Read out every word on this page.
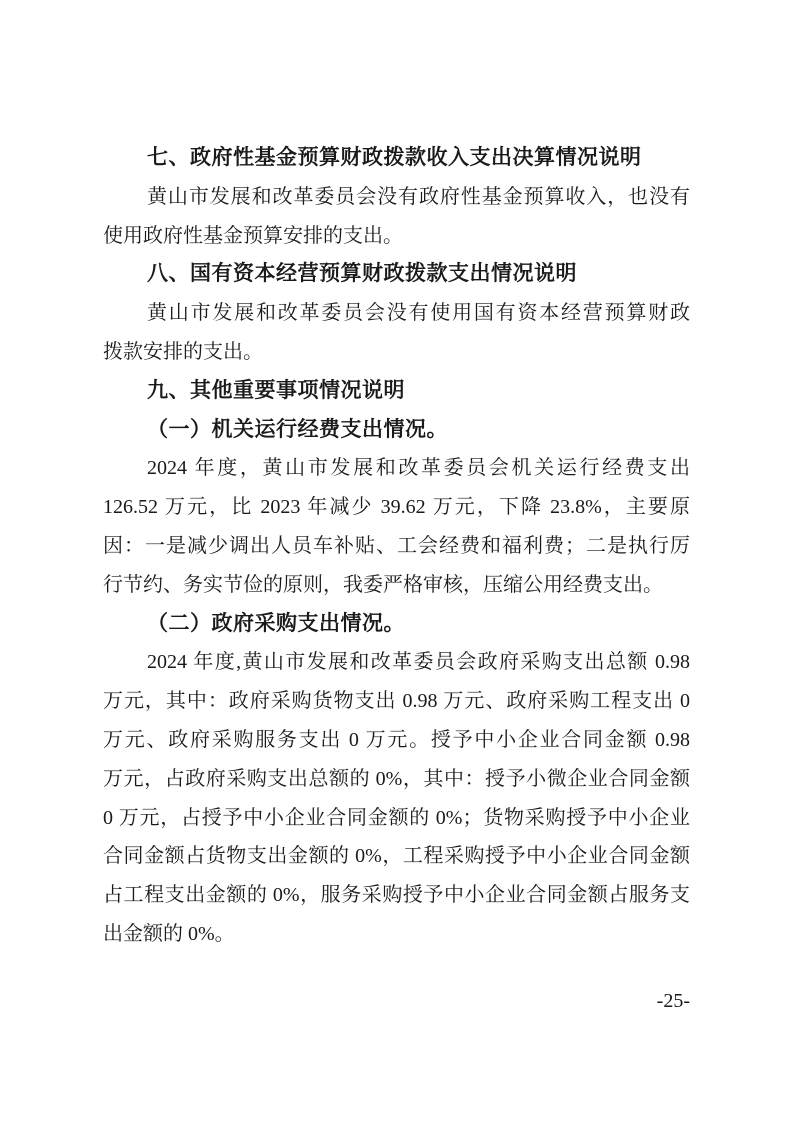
七、政府性基金预算财政拨款收入支出决算情况说明
黄山市发展和改革委员会没有政府性基金预算收入，也没有
使用政府性基金预算安排的支出。
八、国有资本经营预算财政拨款支出情况说明
黄山市发展和改革委员会没有使用国有资本经营预算财政
拨款安排的支出。
九、其他重要事项情况说明
（一）机关运行经费支出情况。
2024 年度，黄山市发展和改革委员会机关运行经费支出
126.52 万元，比 2023 年减少 39.62 万元，下降 23.8%，主要原
因：一是减少调出人员车补贴、工会经费和福利费；二是执行厉
行节约、务实节俭的原则，我委严格审核，压缩公用经费支出。
（二）政府采购支出情况。
2024 年度,黄山市发展和改革委员会政府采购支出总额 0.98
万元，其中：政府采购货物支出 0.98 万元、政府采购工程支出 0
万元、政府采购服务支出 0 万元。授予中小企业合同金额 0.98
万元，占政府采购支出总额的 0%，其中：授予小微企业合同金额
0 万元，占授予中小企业合同金额的 0%；货物采购授予中小企业
合同金额占货物支出金额的 0%，工程采购授予中小企业合同金额
占工程支出金额的 0%，服务采购授予中小企业合同金额占服务支
出金额的 0%。
-25-
